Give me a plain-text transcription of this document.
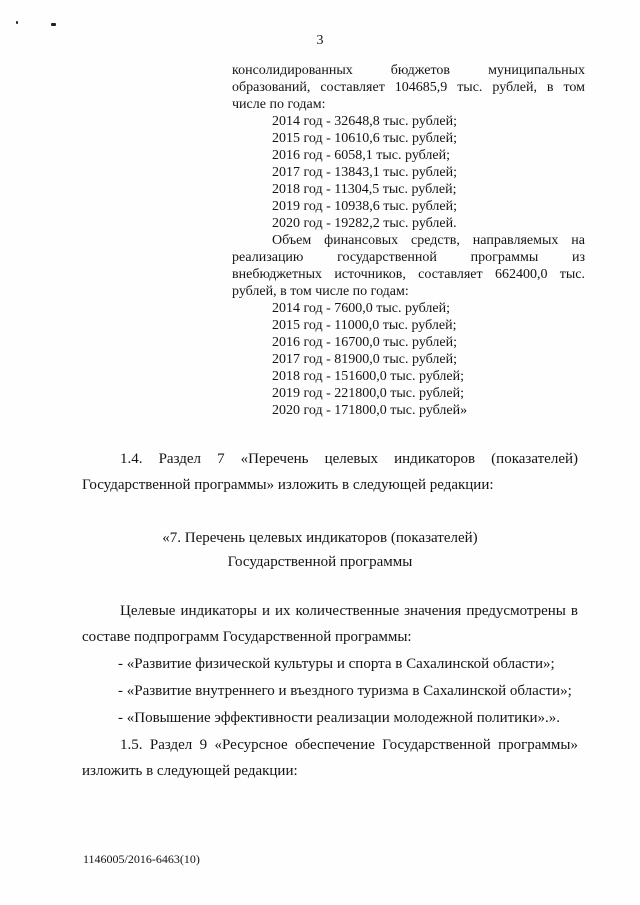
3
консолидированных бюджетов муниципальных
образований, составляет 104685,9 тыс. рублей, в том
числе по годам:
2014 год - 32648,8 тыс. рублей;
2015 год - 10610,6 тыс. рублей;
2016 год - 6058,1 тыс. рублей;
2017 год - 13843,1 тыс. рублей;
2018 год - 11304,5 тыс. рублей;
2019 год - 10938,6 тыс. рублей;
2020 год - 19282,2 тыс. рублей.
Объем финансовых средств, направляемых на
реализацию государственной программы из
внебюджетных источников, составляет 662400,0 тыс.
рублей, в том числе по годам:
2014 год - 7600,0 тыс. рублей;
2015 год - 11000,0 тыс. рублей;
2016 год - 16700,0 тыс. рублей;
2017 год - 81900,0 тыс. рублей;
2018 год - 151600,0 тыс. рублей;
2019 год - 221800,0 тыс. рублей;
2020 год - 171800,0 тыс. рублей»
1.4. Раздел 7 «Перечень целевых индикаторов (показателей)
Государственной программы» изложить в следующей редакции:
«7. Перечень целевых индикаторов (показателей)
Государственной программы
Целевые индикаторы и их количественные значения предусмотрены в
составе подпрограмм Государственной программы:
- «Развитие физической культуры и спорта в Сахалинской области»;
- «Развитие внутреннего и въездного туризма в Сахалинской области»;
- «Повышение эффективности реализации молодежной политики».».
1.5. Раздел 9 «Ресурсное обеспечение Государственной программы»
изложить в следующей редакции:
1146005/2016-6463(10)
